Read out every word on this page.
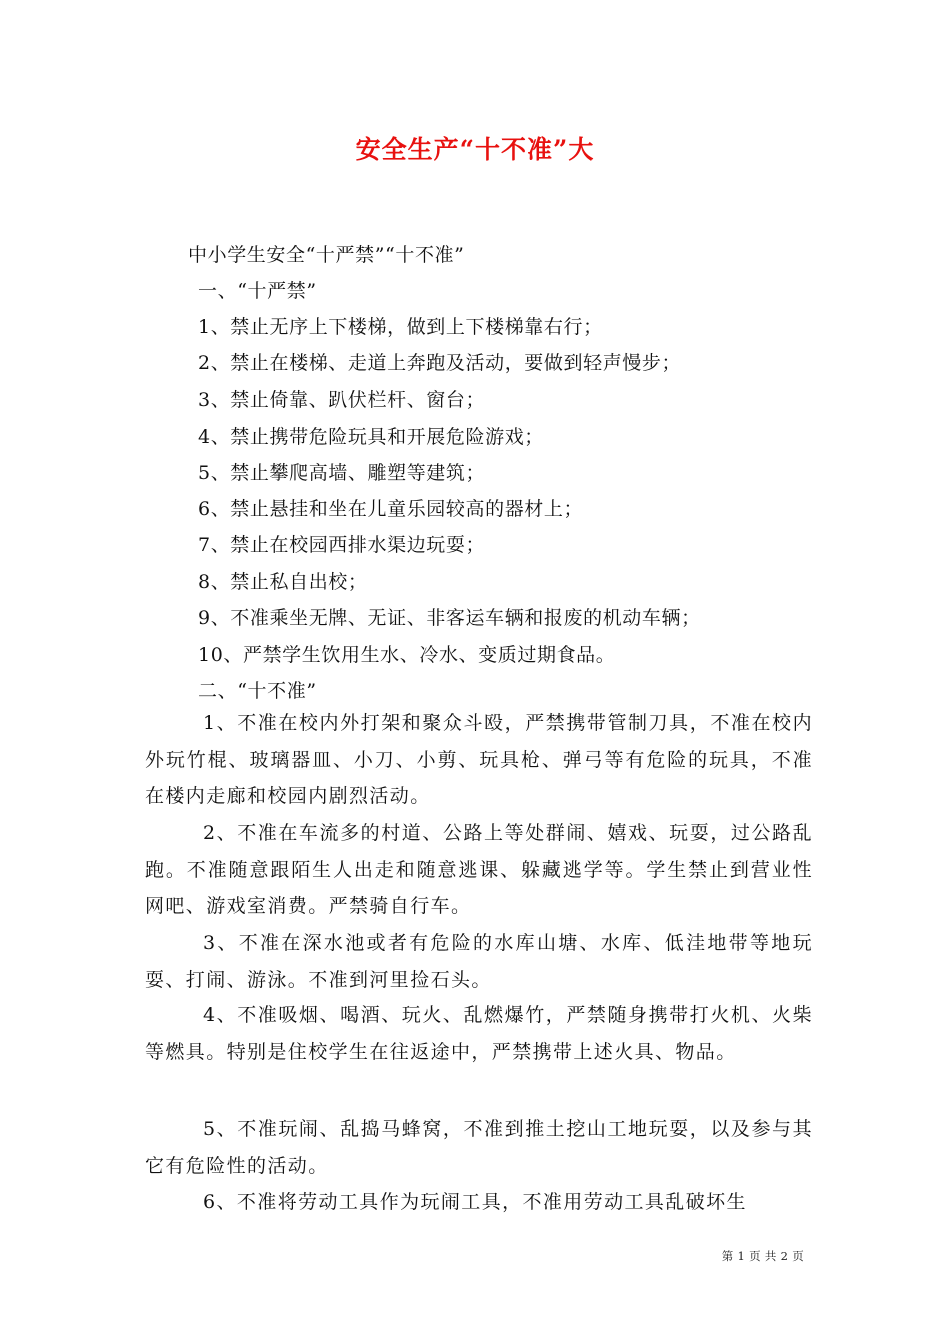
安全生产“十不准”大
中小学生安全“十严禁”“十不准”
一、“十严禁”
1、禁止无序上下楼梯，做到上下楼梯靠右行；
2、禁止在楼梯、走道上奔跑及活动，要做到轻声慢步；
3、禁止倚靠、趴伏栏杆、窗台；
4、禁止携带危险玩具和开展危险游戏；
5、禁止攀爬高墙、雕塑等建筑；
6、禁止悬挂和坐在儿童乐园较高的器材上；
7、禁止在校园西排水渠边玩耍；
8、禁止私自出校；
9、不准乘坐无牌、无证、非客运车辆和报废的机动车辆；
10、严禁学生饮用生水、冷水、变质过期食品。
二、“十不准”
1、不准在校内外打架和聚众斗殴，严禁携带管制刀具，不准在校内外玩竹棍、玻璃器皿、小刀、小剪、玩具枪、弹弓等有危险的玩具，不准在楼内走廊和校园内剧烈活动。
2、不准在车流多的村道、公路上等处群闹、嬉戏、玩耍，过公路乱跑。不准随意跟陌生人出走和随意逃课、躲藏逃学等。学生禁止到营业性网吧、游戏室消费。严禁骑自行车。
3、不准在深水池或者有危险的水库山塘、水库、低洼地带等地玩耍、打闹、游泳。不准到河里捡石头。
4、不准吸烟、喝酒、玩火、乱燃爆竹，严禁随身携带打火机、火柴等燃具。特别是住校学生在往返途中，严禁携带上述火具、物品。
5、不准玩闹、乱捣马蜂窝，不准到推土挖山工地玩耍，以及参与其它有危险性的活动。
6、不准将劳动工具作为玩闹工具，不准用劳动工具乱破坏生
第 1 页 共 2 页
